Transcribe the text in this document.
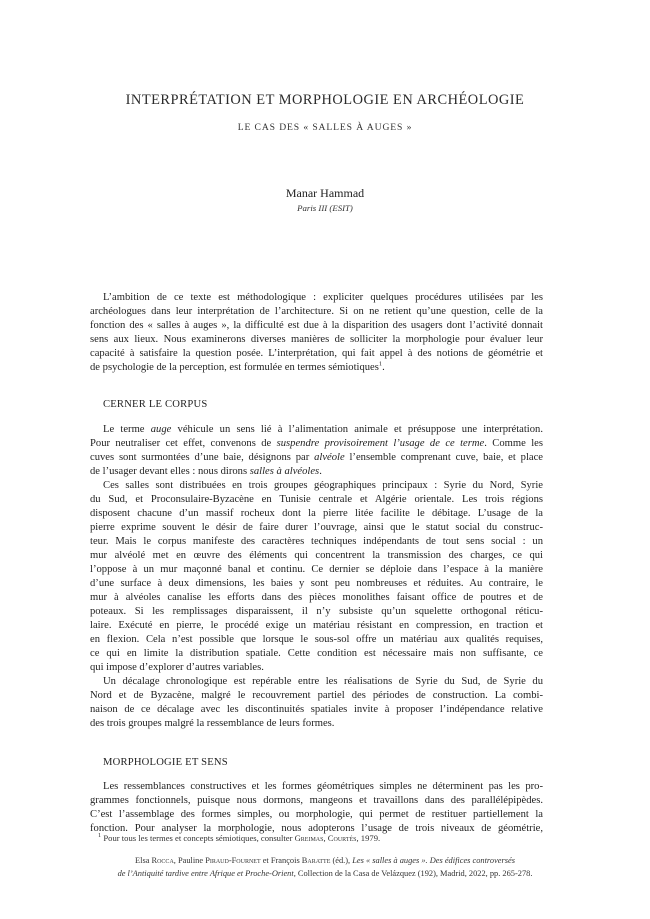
INTERPRÉTATION ET MORPHOLOGIE EN ARCHÉOLOGIE
LE CAS DES « SALLES À AUGES »
Manar Hammad
Paris III (ESIT)
L’ambition de ce texte est méthodologique : expliciter quelques procédures utilisées par les
archéologues dans leur interprétation de l’architecture. Si on ne retient qu’une question, celle de la
fonction des « salles à auges », la difficulté est due à la disparition des usagers dont l’activité donnait
sens aux lieux. Nous examinerons diverses manières de solliciter la morphologie pour évaluer leur
capacité à satisfaire la question posée. L’interprétation, qui fait appel à des notions de géométrie et
de psychologie de la perception, est formulée en termes sémiotiques$^1$.
CERNER LE CORPUS
Le terme auge véhicule un sens lié à l’alimentation animale et présuppose une interprétation.
Pour neutraliser cet effet, convenons de suspendre provisoirement l’usage de ce terme. Comme les
cuves sont surmontées d’une baie, désignons par alvéole l’ensemble comprenant cuve, baie, et place
de l’usager devant elles : nous dirons salles à alvéoles.
Ces salles sont distribuées en trois groupes géographiques principaux : Syrie du Nord, Syrie
du Sud, et Proconsulaire-Byzacène en Tunisie centrale et Algérie orientale. Les trois régions
disposent chacune d’un massif rocheux dont la pierre litée facilite le débitage. L’usage de la
pierre exprime souvent le désir de faire durer l’ouvrage, ainsi que le statut social du construc-
teur. Mais le corpus manifeste des caractères techniques indépendants de tout sens social : un
mur alvéolé met en œuvre des éléments qui concentrent la transmission des charges, ce qui
l’oppose à un mur maçonné banal et continu. Ce dernier se déploie dans l’espace à la manière
d’une surface à deux dimensions, les baies y sont peu nombreuses et réduites. Au contraire, le
mur à alvéoles canalise les efforts dans des pièces monolithes faisant office de poutres et de
poteaux. Si les remplissages disparaissent, il n’y subsiste qu’un squelette orthogonal réticu-
laire. Exécuté en pierre, le procédé exige un matériau résistant en compression, en traction et
en flexion. Cela n’est possible que lorsque le sous-sol offre un matériau aux qualités requises,
ce qui en limite la distribution spatiale. Cette condition est nécessaire mais non suffisante, ce
qui impose d’explorer d’autres variables.
Un décalage chronologique est repérable entre les réalisations de Syrie du Sud, de Syrie du
Nord et de Byzacène, malgré le recouvrement partiel des périodes de construction. La combi-
naison de ce décalage avec les discontinuités spatiales invite à proposer l’indépendance relative
des trois groupes malgré la ressemblance de leurs formes.
MORPHOLOGIE ET SENS
Les ressemblances constructives et les formes géométriques simples ne déterminent pas les pro-
grammes fonctionnels, puisque nous dormons, mangeons et travaillons dans des parallélépipèdes.
C’est l’assemblage des formes simples, ou morphologie, qui permet de restituer partiellement la
fonction. Pour analyser la morphologie, nous adopterons l’usage de trois niveaux de géométrie,
$^1$ Pour tous les termes et concepts sémiotiques, consulter Greimas, Courtés, 1979.
Elsa Rocca, Pauline Piraud-Fournet et François Baratte (éd.), Les « salles à auges ». Des édifices controversés
de l’Antiquité tardive entre Afrique et Proche-Orient, Collection de la Casa de Velázquez (192), Madrid, 2022, pp. 265-278.
